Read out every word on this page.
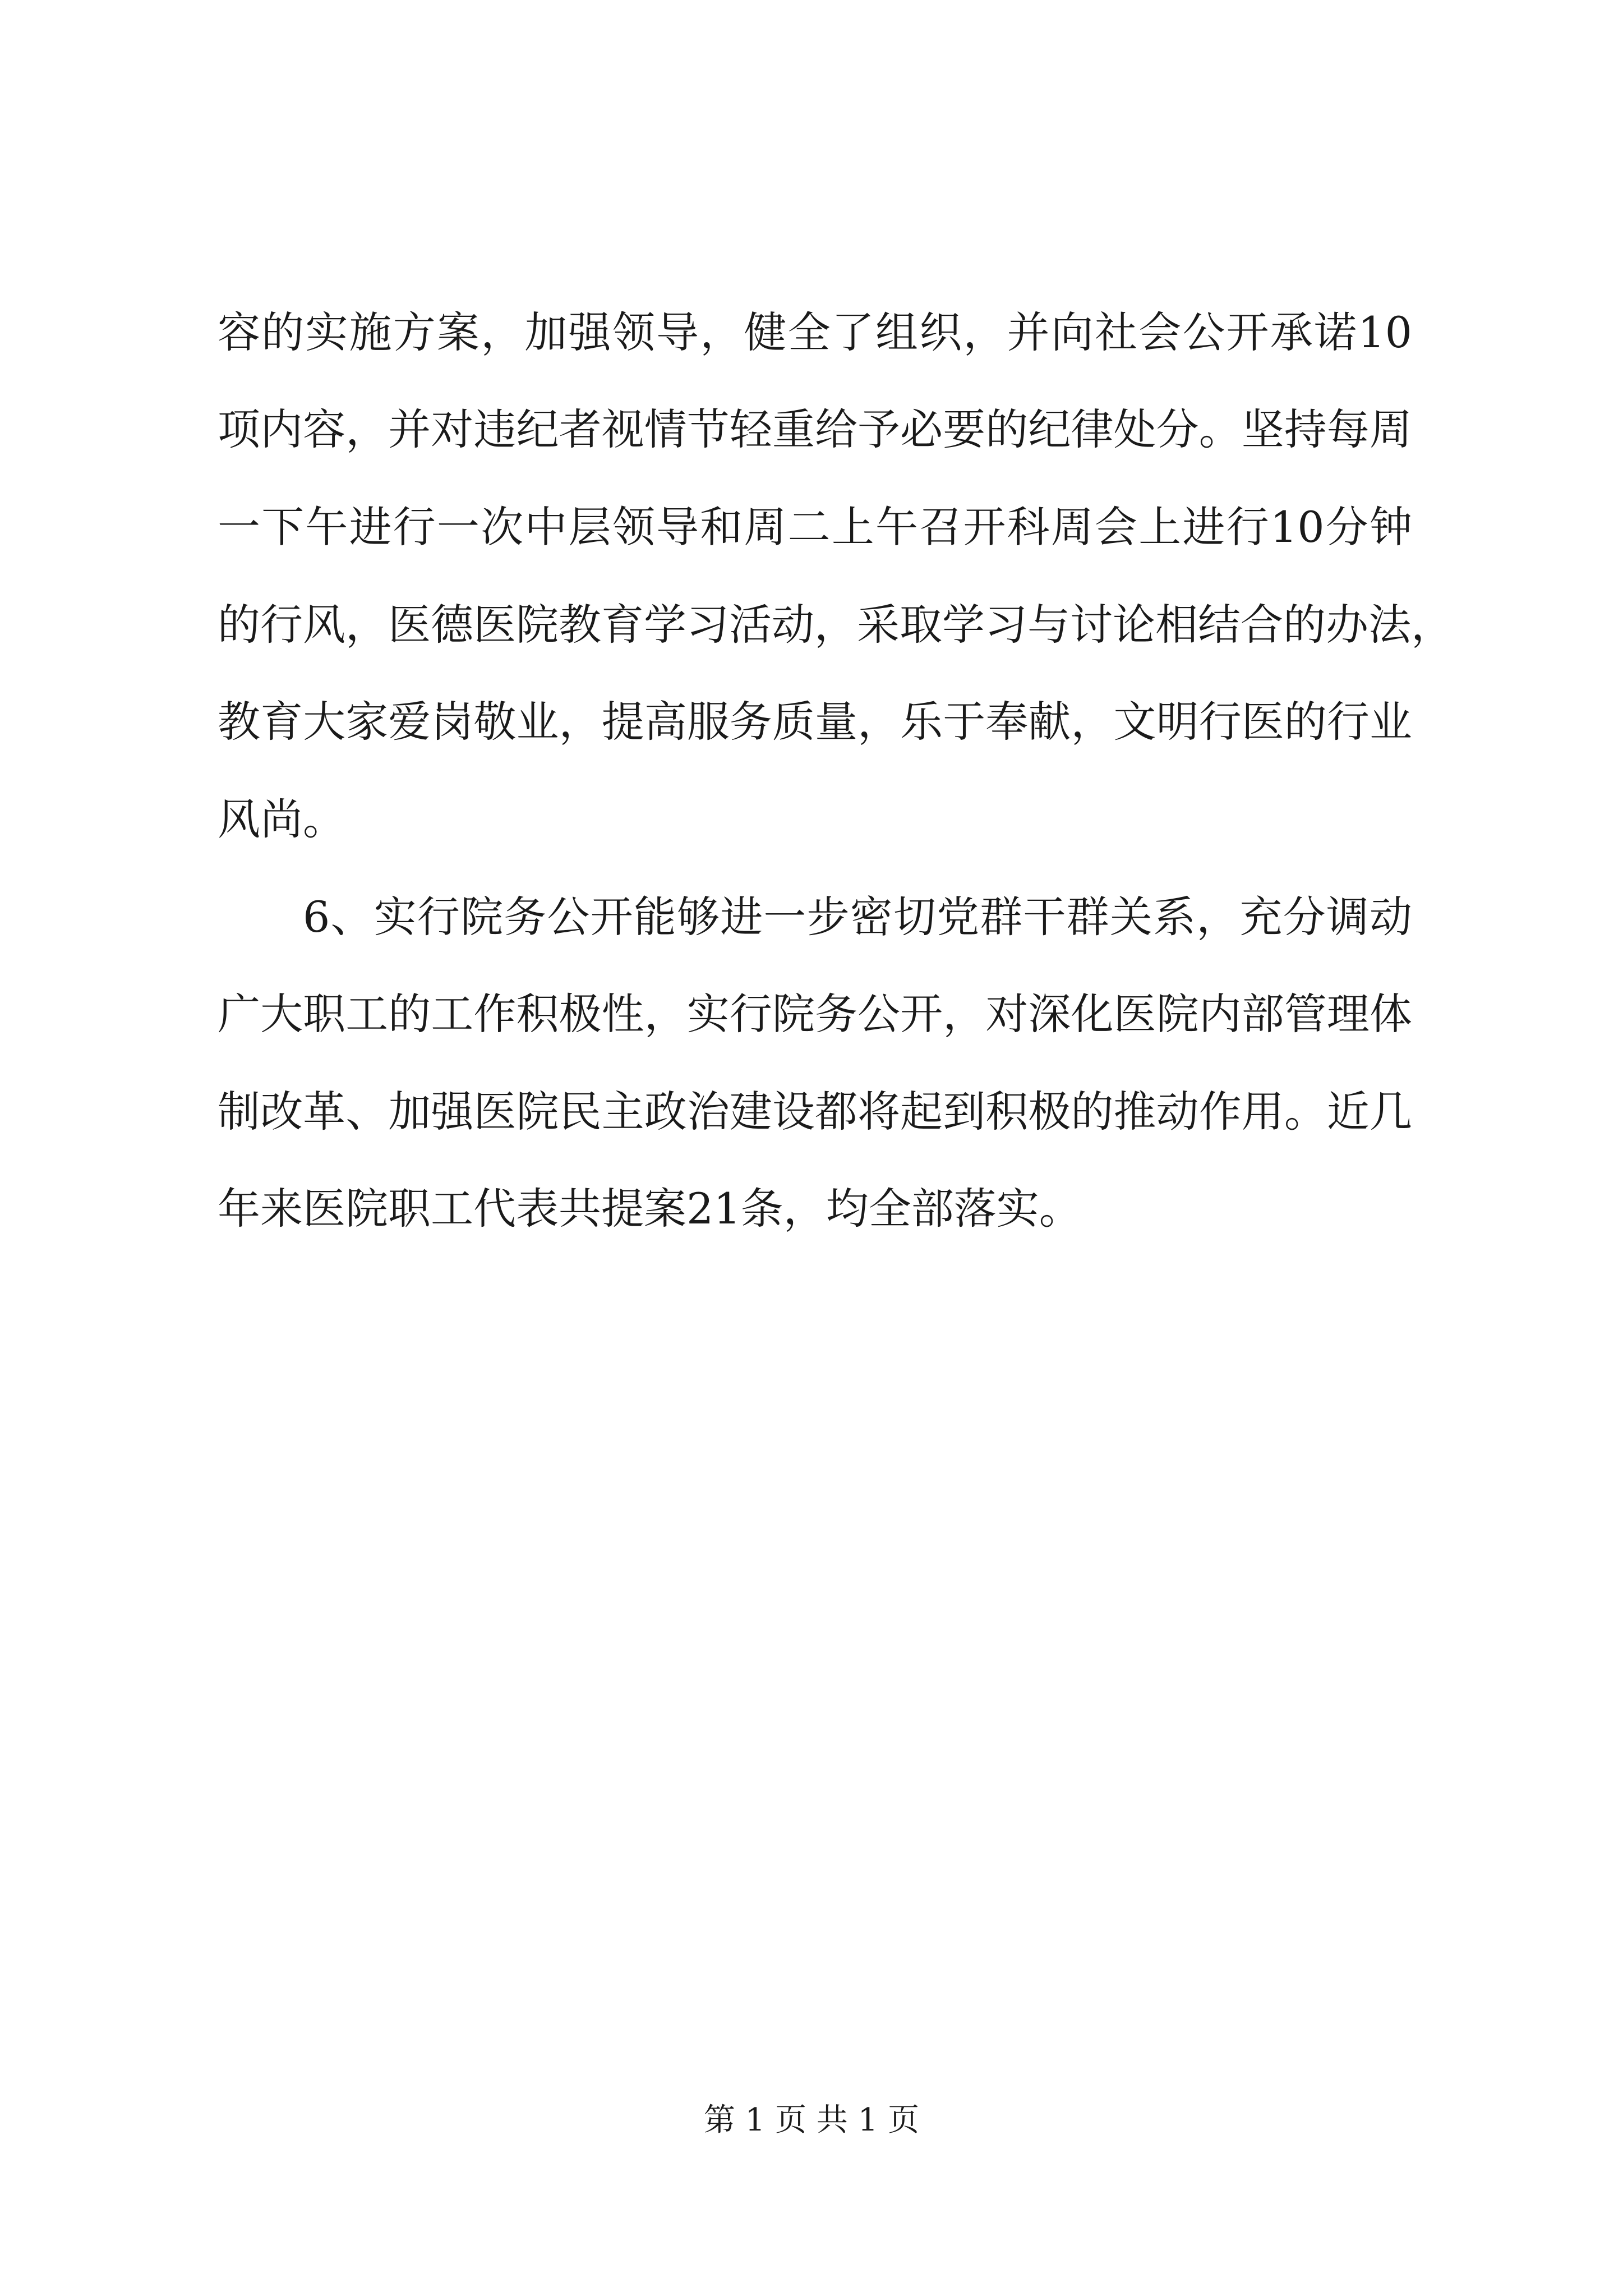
容的实施方案，加强领导，健全了组织，并向社会公开承诺10
项内容，并对违纪者视情节轻重给予必要的纪律处分。坚持每周
一下午进行一次中层领导和周二上午召开科周会上进行10分钟
的行风，医德医院教育学习活动，采取学习与讨论相结合的办法，
教育大家爱岗敬业，提高服务质量，乐于奉献，文明行医的行业
风尚。
6、实行院务公开能够进一步密切党群干群关系，充分调动
广大职工的工作积极性，实行院务公开，对深化医院内部管理体
制改革、加强医院民主政治建设都将起到积极的推动作用。近几
年来医院职工代表共提案21条，均全部落实。
第 1 页 共 1 页
